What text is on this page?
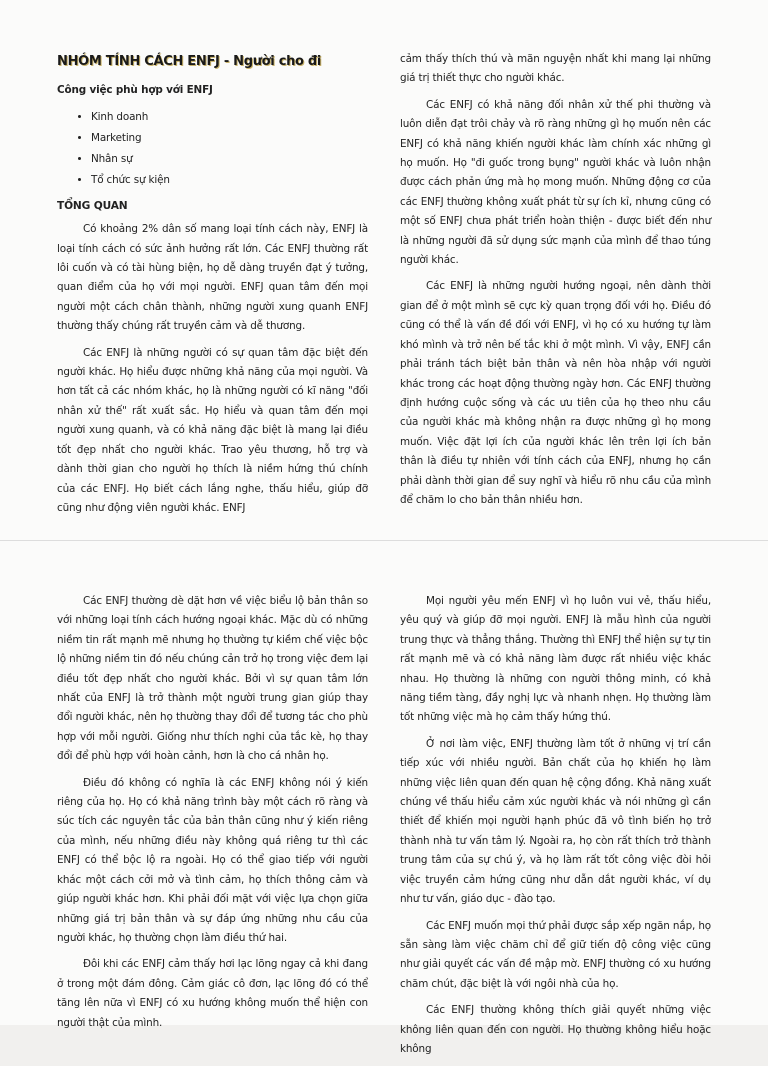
NHÓM TÍNH CÁCH ENFJ - Người cho đi
Công việc phù hợp với ENFJ
• Kinh doanh
• Marketing
• Nhân sự
• Tổ chức sự kiện
TỔNG QUAN

Có khoảng 2% dân số mang loại tính cách này, ENFJ là loại tính cách có sức ảnh hưởng rất lớn. Các ENFJ thường rất lôi cuốn và có tài hùng biện, họ dễ dàng truyền đạt ý tưởng, quan điểm của họ với mọi người. ENFJ quan tâm đến mọi người một cách chân thành, những người xung quanh ENFJ thường thấy chúng rất truyền cảm và dễ thương.

Các ENFJ là những người có sự quan tâm đặc biệt đến người khác. Họ hiểu được những khả năng của mọi người. Và hơn tất cả các nhóm khác, họ là những người có kĩ năng "đối nhân xử thế" rất xuất sắc. Họ hiểu và quan tâm đến mọi người xung quanh, và có khả năng đặc biệt là mang lại điều tốt đẹp nhất cho người khác. Trao yêu thương, hỗ trợ và dành thời gian cho người họ thích là niềm hứng thú chính của các ENFJ. Họ biết cách lắng nghe, thấu hiểu, giúp đỡ cũng như động viên người khác. ENFJ

cảm thấy thích thú và mãn nguyện nhất khi mang lại những giá trị thiết thực cho người khác.

Các ENFJ có khả năng đối nhân xử thế phi thường và luôn diễn đạt trôi chảy và rõ ràng những gì họ muốn nên các ENFJ có khả năng khiến người khác làm chính xác những gì họ muốn. Họ "đi guốc trong bụng" người khác và luôn nhận được cách phản ứng mà họ mong muốn. Những động cơ của các ENFJ thường không xuất phát từ sự ích kỉ, nhưng cũng có một số ENFJ chưa phát triển hoàn thiện - được biết đến như là những người đã sử dụng sức mạnh của mình để thao túng người khác.

Các ENFJ là những người hướng ngoại, nên dành thời gian để ở một mình sẽ cực kỳ quan trọng đối với họ. Điều đó cũng có thể là vấn đề đối với ENFJ, vì họ có xu hướng tự làm khó mình và trở nên bế tắc khi ở một mình. Vì vậy, ENFJ cần phải tránh tách biệt bản thân và nên hòa nhập với người khác trong các hoạt động thường ngày hơn. Các ENFJ thường định hướng cuộc sống và các ưu tiên của họ theo nhu cầu của người khác mà không nhận ra được những gì họ mong muốn. Việc đặt lợi ích của người khác lên trên lợi ích bản thân là điều tự nhiên với tính cách của ENFJ, nhưng họ cần phải dành thời gian để suy nghĩ và hiểu rõ nhu cầu của mình để chăm lo cho bản thân nhiều hơn.

Các ENFJ thường dè dặt hơn về việc biểu lộ bản thân so với những loại tính cách hướng ngoại khác. Mặc dù có những niềm tin rất mạnh mẽ nhưng họ thường tự kiềm chế việc bộc lộ những niềm tin đó nếu chúng cản trở họ trong việc đem lại điều tốt đẹp nhất cho người khác. Bởi vì sự quan tâm lớn nhất của ENFJ là trở thành một người trung gian giúp thay đổi người khác, nên họ thường thay đổi để tương tác cho phù hợp với mỗi người. Giống như thích nghi của tắc kè, họ thay đổi để phù hợp với hoàn cảnh, hơn là cho cá nhân họ.

Điều đó không có nghĩa là các ENFJ không nói ý kiến riêng của họ. Họ có khả năng trình bày một cách rõ ràng và súc tích các nguyên tắc của bản thân cũng như ý kiến riêng của mình, nếu những điều này không quá riêng tư thì các ENFJ có thể bộc lộ ra ngoài. Họ có thể giao tiếp với người khác một cách cởi mở và tình cảm, họ thích thông cảm và giúp người khác hơn. Khi phải đối mặt với việc lựa chọn giữa những giá trị bản thân và sự đáp ứng những nhu cầu của người khác, họ thường chọn làm điều thứ hai.

Đôi khi các ENFJ cảm thấy hơi lạc lõng ngay cả khi đang ở trong một đám đông. Cảm giác cô đơn, lạc lõng đó có thể tăng lên nữa vì ENFJ có xu hướng không muốn thể hiện con người thật của mình.

Mọi người yêu mến ENFJ vì họ luôn vui vẻ, thấu hiểu, yêu quý và giúp đỡ mọi người. ENFJ là mẫu hình của người trung thực và thẳng thắng. Thường thì ENFJ thể hiện sự tự tin rất mạnh mẽ và có khả năng làm được rất nhiều việc khác nhau. Họ thường là những con người thông minh, có khả năng tiềm tàng, đầy nghị lực và nhanh nhẹn. Họ thường làm tốt những việc mà họ cảm thấy hứng thú.

Ở nơi làm việc, ENFJ thường làm tốt ở những vị trí cần tiếp xúc với nhiều người. Bản chất của họ khiến họ làm những việc liên quan đến quan hệ cộng đồng. Khả năng xuất chúng về thấu hiểu cảm xúc người khác và nói những gì cần thiết để khiến mọi người hạnh phúc đã vô tình biến họ trở thành nhà tư vấn tâm lý. Ngoài ra, họ còn rất thích trở thành trung tâm của sự chú ý, và họ làm rất tốt công việc đòi hỏi việc truyền cảm hứng cũng như dẫn dắt người khác, ví dụ như tư vấn, giáo dục - đào tạo.

Các ENFJ muốn mọi thứ phải được sắp xếp ngăn nắp, họ sẵn sàng làm việc chăm chỉ để giữ tiến độ công việc cũng như giải quyết các vấn đề mập mờ. ENFJ thường có xu hướng chăm chút, đặc biệt là với ngôi nhà của họ.

Các ENFJ thường không thích giải quyết những việc không liên quan đến con người. Họ thường không hiểu hoặc không
